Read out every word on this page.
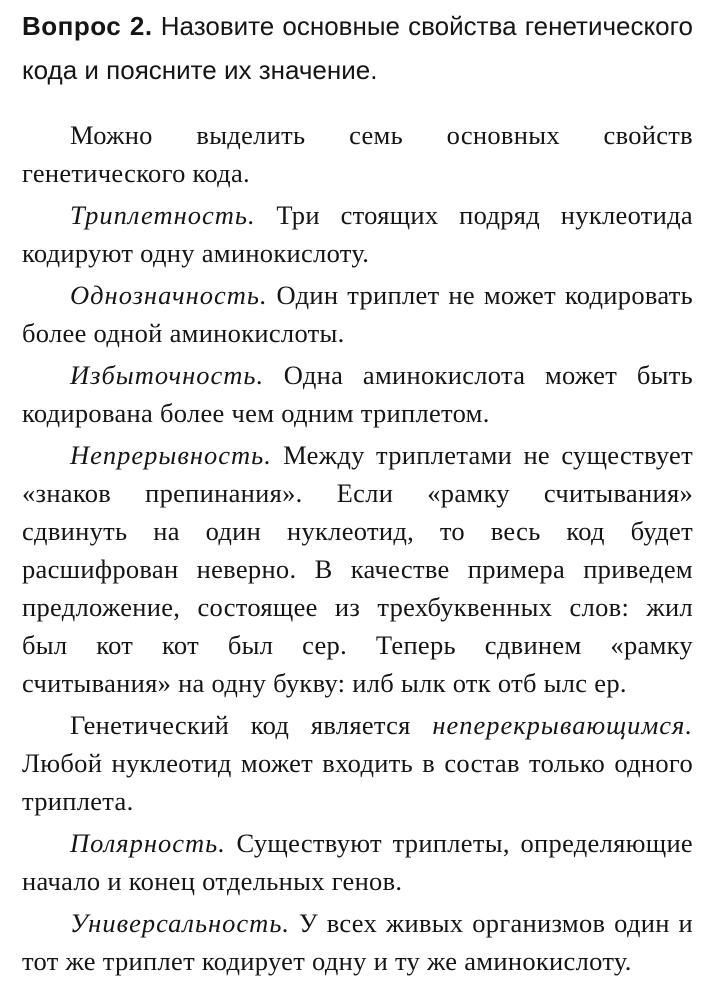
Вопрос 2. Назовите основные свойства генетического кода и поясните их значение.

Можно выделить семь основных свойств генетического кода.

Триплетность. Три стоящих подряд нуклеотида кодируют одну аминокислоту.

Однозначность. Один триплет не может кодировать более одной аминокислоты.

Избыточность. Одна аминокислота может быть кодирована более чем одним триплетом.

Непрерывность. Между триплетами не существует «знаков препинания». Если «рамку считывания» сдвинуть на один нуклеотид, то весь код будет расшифрован неверно. В качестве примера приведем предложение, состоящее из трехбуквенных слов: жил был кот кот был сер. Теперь сдвинем «рамку считывания» на одну букву: илб ылк отк отб ылс ер.

Генетический код является неперекрывающимся. Любой нуклеотид может входить в состав только одного триплета.

Полярность. Существуют триплеты, определяющие начало и конец отдельных генов.

Универсальность. У всех живых организмов один и тот же триплет кодирует одну и ту же аминокислоту.
